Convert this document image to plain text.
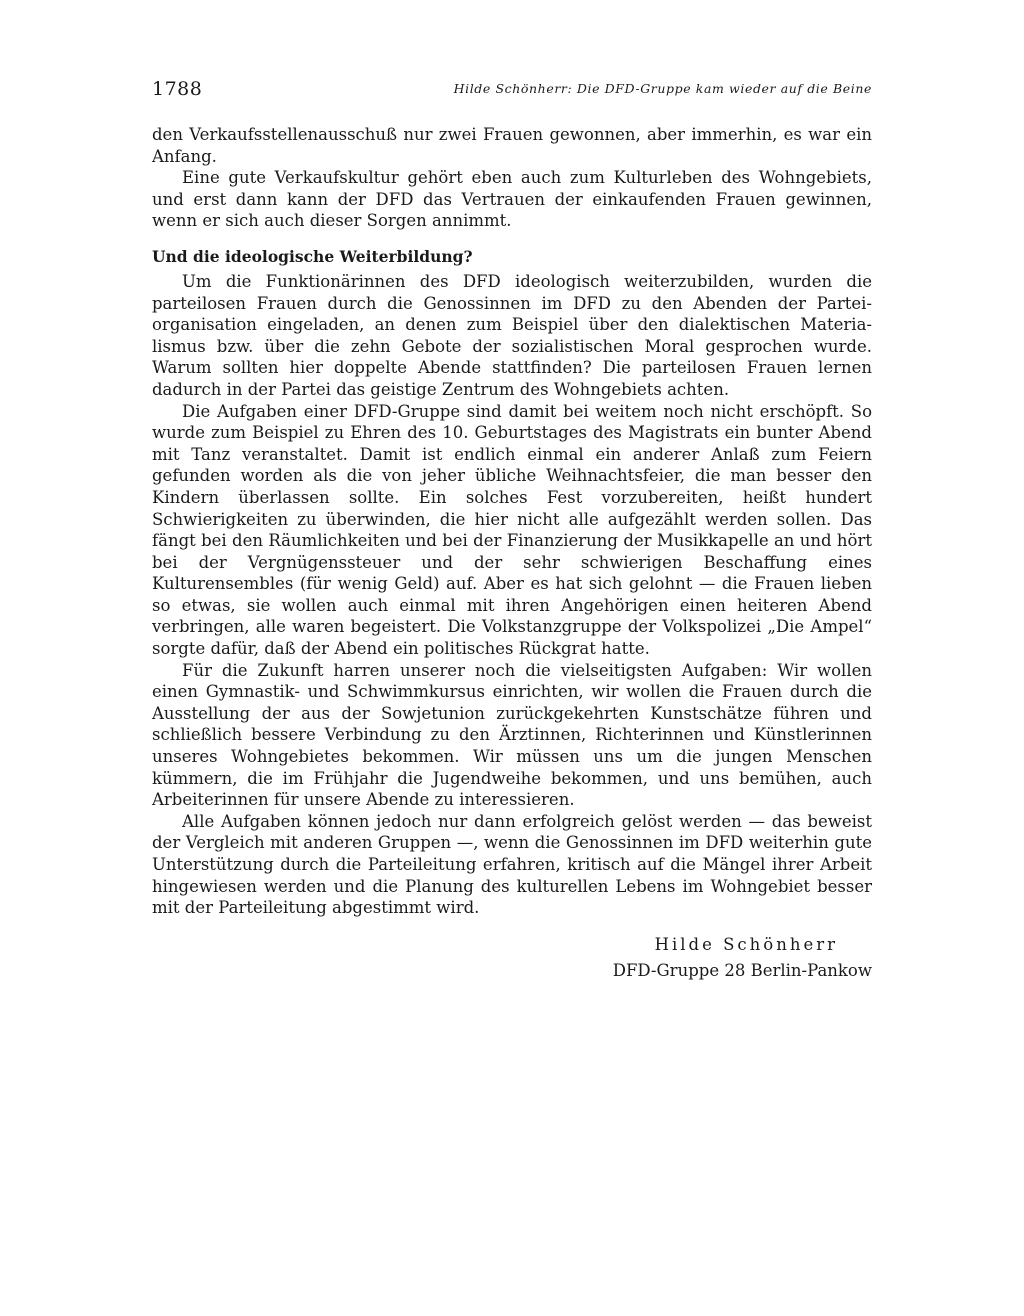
1788	Hilde Schönherr: Die DFD-Gruppe kam wieder auf die Beine

den Verkaufsstellenausschuß nur zwei Frauen gewonnen, aber immerhin, es war ein Anfang.

Eine gute Verkaufskultur gehört eben auch zum Kulturleben des Wohngebiets, und erst dann kann der DFD das Vertrauen der einkaufenden Frauen gewinnen, wenn er sich auch dieser Sorgen annimmt.

Und die ideologische Weiterbildung?

Um die Funktionärinnen des DFD ideologisch weiterzubilden, wurden die parteilosen Frauen durch die Genossinnen im DFD zu den Abenden der Parteiorganisation eingeladen, an denen zum Beispiel über den dialektischen Materialismus bzw. über die zehn Gebote der sozialistischen Moral gesprochen wurde. Warum sollten hier doppelte Abende stattfinden? Die parteilosen Frauen lernen dadurch in der Partei das geistige Zentrum des Wohngebiets achten.

Die Aufgaben einer DFD-Gruppe sind damit bei weitem noch nicht erschöpft. So wurde zum Beispiel zu Ehren des 10. Geburtstages des Magistrats ein bunter Abend mit Tanz veranstaltet. Damit ist endlich einmal ein anderer Anlaß zum Feiern gefunden worden als die von jeher übliche Weihnachtsfeier, die man besser den Kindern überlassen sollte. Ein solches Fest vorzubereiten, heißt hundert Schwierigkeiten zu überwinden, die hier nicht alle aufgezählt werden sollen. Das fängt bei den Räumlichkeiten und bei der Finanzierung der Musikkapelle an und hört bei der Vergnügenssteuer und der sehr schwierigen Beschaffung eines Kulturensembles (für wenig Geld) auf. Aber es hat sich gelohnt — die Frauen lieben so etwas, sie wollen auch einmal mit ihren Angehörigen einen heiteren Abend verbringen, alle waren begeistert. Die Volkstanzgruppe der Volkspolizei „Die Ampel“ sorgte dafür, daß der Abend ein politisches Rückgrat hatte.

Für die Zukunft harren unserer noch die vielseitigsten Aufgaben: Wir wollen einen Gymnastik- und Schwimmkursus einrichten, wir wollen die Frauen durch die Ausstellung der aus der Sowjetunion zurückgekehrten Kunstschätze führen und schließlich bessere Verbindung zu den Ärztinnen, Richterinnen und Künstlerinnen unseres Wohngebietes bekommen. Wir müssen uns um die jungen Menschen kümmern, die im Frühjahr die Jugendweihe bekommen, und uns bemühen, auch Arbeiterinnen für unsere Abende zu interessieren.

Alle Aufgaben können jedoch nur dann erfolgreich gelöst werden — das beweist der Vergleich mit anderen Gruppen —, wenn die Genossinnen im DFD weiterhin gute Unterstützung durch die Parteileitung erfahren, kritisch auf die Mängel ihrer Arbeit hingewiesen werden und die Planung des kulturellen Lebens im Wohngebiet besser mit der Parteileitung abgestimmt wird.

Hilde Schönherr
DFD-Gruppe 28 Berlin-Pankow
